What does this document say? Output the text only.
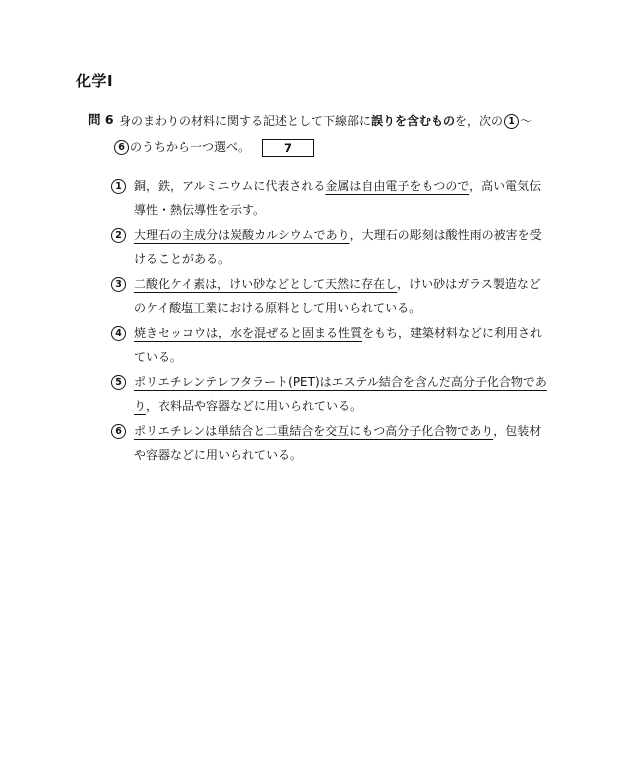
化学Ⅰ
問 6 身のまわりの材料に関する記述として下線部に誤りを含むものを，次の 1 ～

6 のうちから一つ選べ。	7
1	銅，鉄，アルミニウムに代表される金属は自由電子をもつので，高い電気伝導性・熱伝導性を示す。
2	大理石の主成分は炭酸カルシウムであり，大理石の彫刻は酸性雨の被害を受けることがある。
3	二酸化ケイ素は，けい砂などとして天然に存在し，けい砂はガラス製造などのケイ酸塩工業における原料として用いられている。
4	焼きセッコウは，水を混ぜると固まる性質をもち，建築材料などに利用されている。
5	ポリエチレンテレフタラート(PET)はエステル結合を含んだ高分子化合物であり，衣料品や容器などに用いられている。
6	ポリエチレンは単結合と二重結合を交互にもつ高分子化合物であり，包装材や容器などに用いられている。
